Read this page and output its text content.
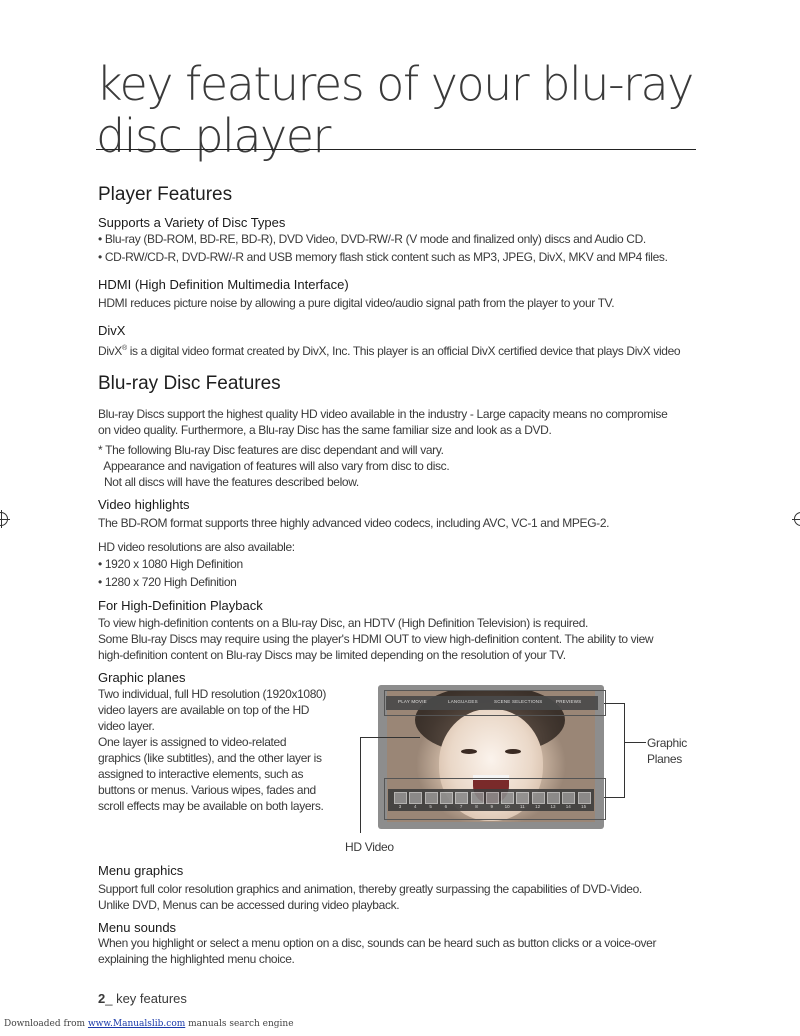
key features of your blu-ray
disc player
Player Features
Supports a Variety of Disc Types

• Blu-ray (BD-ROM, BD-RE, BD-R), DVD Video, DVD-RW/-R (V mode and finalized only) discs and Audio CD.

• CD-RW/CD-R, DVD-RW/-R and USB memory flash stick content such as MP3, JPEG, DivX, MKV and MP4 files.

HDMI (High Definition Multimedia Interface)

HDMI reduces picture noise by allowing a pure digital video/audio signal path from the player to your TV.

DivX

DivX® is a digital video format created by DivX, Inc. This player is an official DivX certified device that plays DivX video

Blu-ray Disc Features

Blu-ray Discs support the highest quality HD video available in the industry - Large capacity means no compromise

on video quality. Furthermore, a Blu-ray Disc has the same familiar size and look as a DVD.

* The following Blu-ray Disc features are disc dependant and will vary.

Appearance and navigation of features will also vary from disc to disc.

Not all discs will have the features described below.

Video highlights

The BD-ROM format supports three highly advanced video codecs, including AVC, VC-1 and MPEG-2.

HD video resolutions are also available:

• 1920 x 1080 High Definition

• 1280 x 720 High Definition

For High-Definition Playback

To view high-definition contents on a Blu-ray Disc, an HDTV (High Definition Television) is required.

Some Blu-ray Discs may require using the player's HDMI OUT to view high-definition content. The ability to view

high-definition content on Blu-ray Discs may be limited depending on the resolution of your TV.

Graphic planes

Two individual, full HD resolution (1920x1080)

video layers are available on top of the HD

video layer.

One layer is assigned to video-related

graphics (like subtitles), and the other layer is

assigned to interactive elements, such as

buttons or menus. Various wipes, fades and

scroll effects may be available on both layers.

PLAY MOVIE	LANGUAGES	SCENE SELECTIONS	PREVIEWS
3	4	5	6	7	8	9	10	11	12	13	14	15

Graphic
Planes

HD Video

Menu graphics

Support full color resolution graphics and animation, thereby greatly surpassing the capabilities of DVD-Video.

Unlike DVD, Menus can be accessed during video playback.

Menu sounds

When you highlight or select a menu option on a disc, sounds can be heard such as button clicks or a voice-over

explaining the highlighted menu choice.

2_ key features

Downloaded from www.Manualslib.com manuals search engine
